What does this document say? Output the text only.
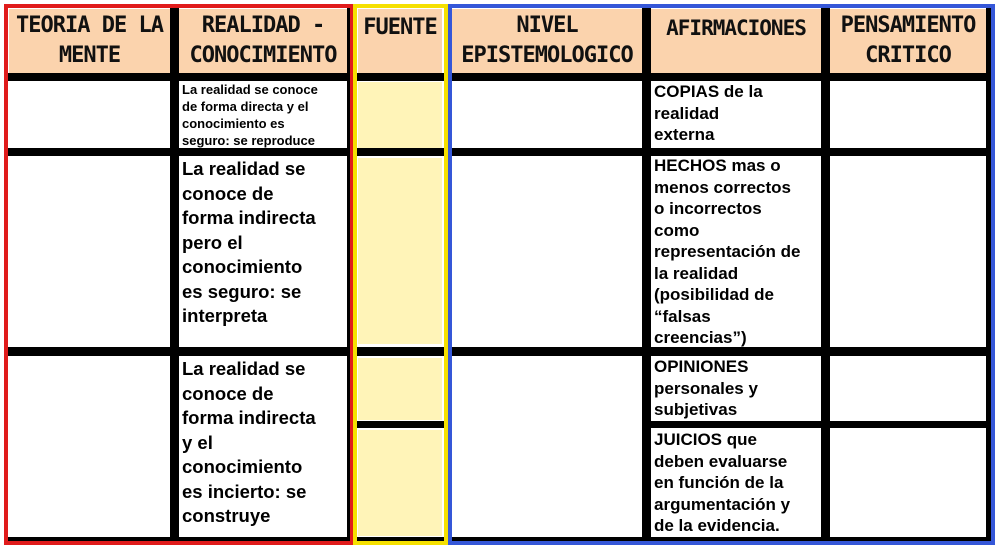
TEORIA DE LA
MENTE
REALIDAD -
CONOCIMIENTO
FUENTE	NIVEL
EPISTEMOLOGICO
AFIRMACIONES	PENSAMIENTO
CRITICO
La realidad se conoce
de forma directa y el
conocimiento es
seguro: se reproduce
La realidad se
conoce de
forma indirecta
pero el
conocimiento
es seguro: se
interpreta
La realidad se
conoce de
forma indirecta
y el
conocimiento
es incierto: se
construye
COPIAS de la
realidad
externa
HECHOS mas o
menos correctos
o incorrectos
como
representación de
la realidad
(posibilidad de
“falsas
creencias”)
OPINIONES
personales y
subjetivas
JUICIOS que
deben evaluarse
en función de la
argumentación y
de la evidencia.
